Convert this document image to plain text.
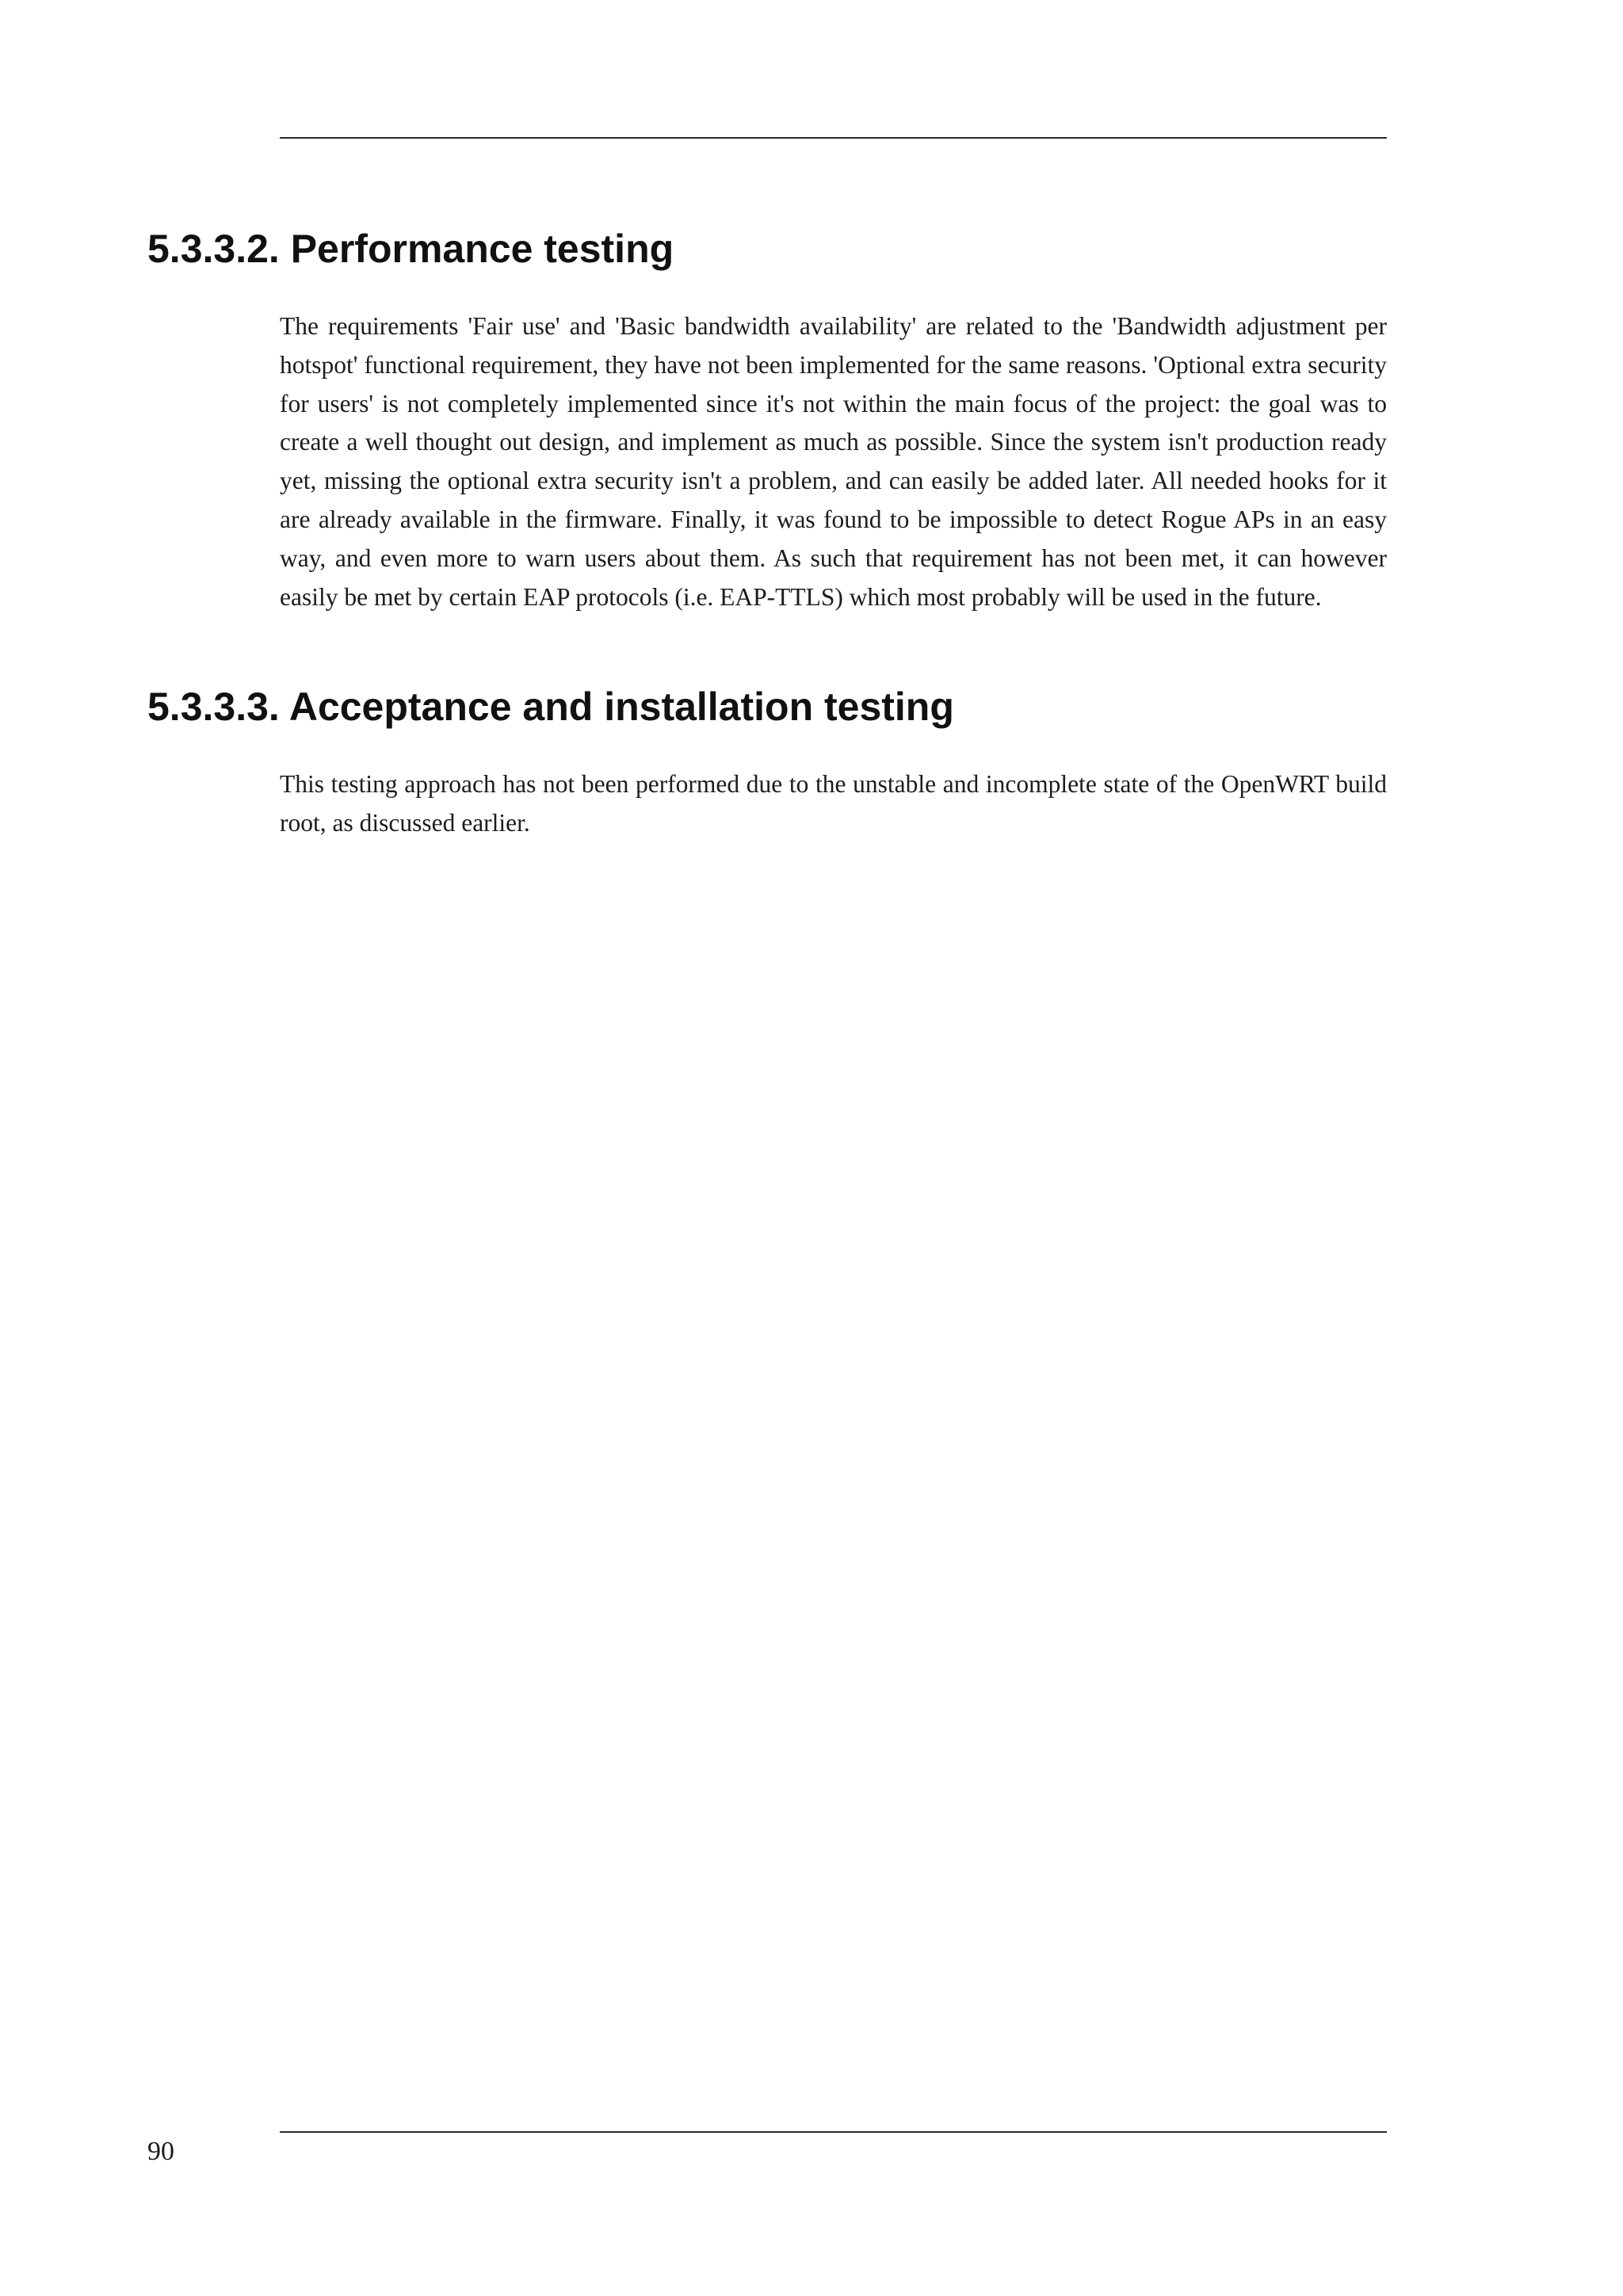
5.3.3.2. Performance testing

The requirements 'Fair use' and 'Basic bandwidth availability' are related to the 'Bandwidth adjustment per hotspot' functional requirement, they have not been implemented for the same reasons. 'Optional extra security for users' is not completely implemented since it's not within the main focus of the project: the goal was to create a well thought out design, and implement as much as possible. Since the system isn't production ready yet, missing the optional extra security isn't a problem, and can easily be added later. All needed hooks for it are already available in the firmware. Finally, it was found to be impossible to detect Rogue APs in an easy way, and even more to warn users about them. As such that requirement has not been met, it can however easily be met by certain EAP protocols (i.e. EAP-TTLS) which most probably will be used in the future.

5.3.3.3. Acceptance and installation testing

This testing approach has not been performed due to the unstable and incomplete state of the OpenWRT build root, as discussed earlier.

90
